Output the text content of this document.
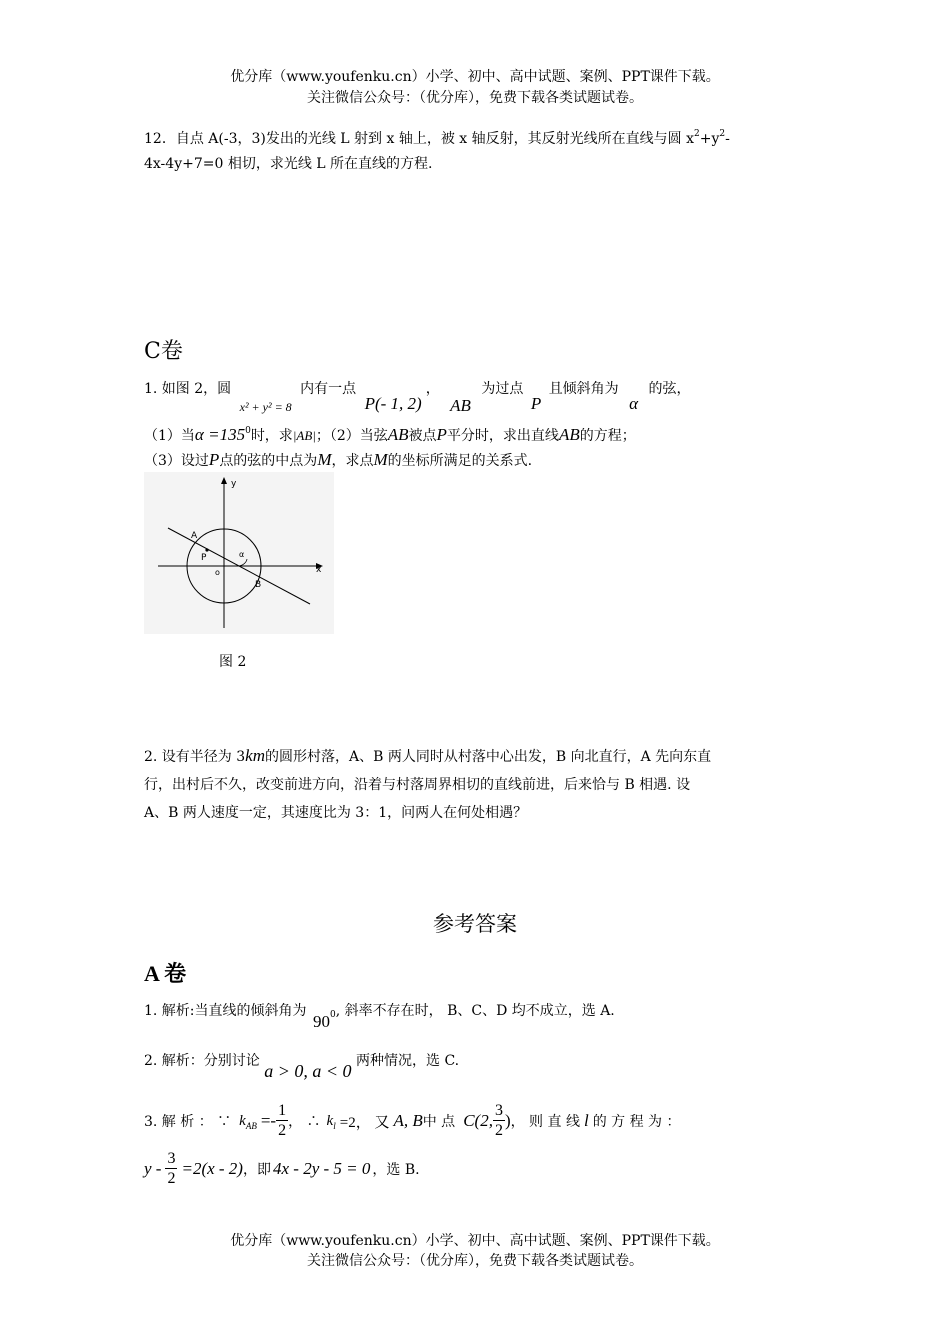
优分库（www.youfenku.cn）小学、初中、高中试题、案例、PPT课件下载。
关注微信公众号：（优分库），免费下载各类试题试卷。
12．自点 A(-3，3)发出的光线 L 射到 x 轴上，被 x 轴反射，其反射光线所在直线与圆 $x^2+y^2-$
4x-4y+7=0 相切，求光线 L 所在直线的方程.
C卷
1. 如图 2，圆 x² + y² = 8 内有一点 P(- 1, 2)， AB 为过点 P 且倾斜角为 α 的弦，
（1）当$\alpha =135^0$时，求|AB|；（2）当弦AB被点P平分时，求出直线AB的方程；
（3）设过P点的弦的中点为M，求点M的坐标所满足的关系式.
y
x
A
B
P
o
α
图 2
2. 设有半径为 3km的圆形村落，A、B 两人同时从村落中心出发，B 向北直行，A 先向东直
行，出村后不久，改变前进方向，沿着与村落周界相切的直线前进，后来恰与 B 相遇. 设
A、B 两人速度一定，其速度比为 3：1，问两人在何处相遇？
参考答案
A 卷
1. 解析:当直线的倾斜角为 900, 斜率不存在时， B、C、D 均不成立，选 A.
2. 解析：分别讨论 a > 0, a < 0 两种情况，选 C.
3. 解 析 ： ∵ k AB =- $\frac{1}{2}$ ， ∴ k l =2， 又 A, B 中 点 C(2, $\frac{3}{2}$ ) ， 则 直 线 l 的 方 程 为 ：
$y - \frac{3}{2} =2(x - 2)$ ，即 4x - 2y - 5 = 0 ，选 B.
优分库（www.youfenku.cn）小学、初中、高中试题、案例、PPT课件下载。
关注微信公众号：（优分库），免费下载各类试题试卷。
